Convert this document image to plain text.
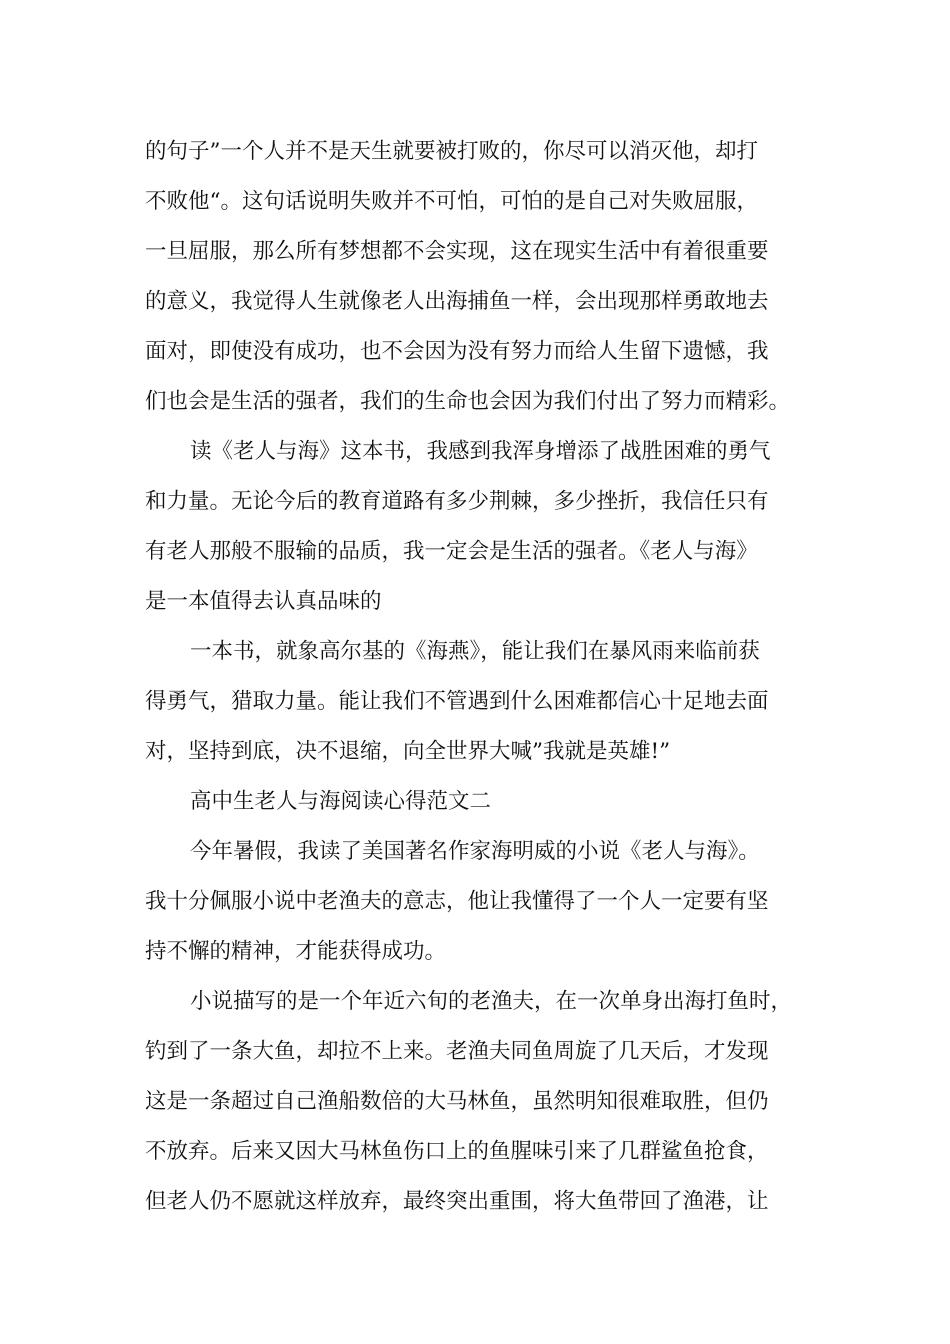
的句子”一个人并不是天生就要被打败的，你尽可以消灭他，却打

不败他“。这句话说明失败并不可怕，可怕的是自己对失败屈服，

一旦屈服，那么所有梦想都不会实现，这在现实生活中有着很重要

的意义，我觉得人生就像老人出海捕鱼一样，会出现那样勇敢地去

面对，即使没有成功，也不会因为没有努力而给人生留下遗憾，我

们也会是生活的强者，我们的生命也会因为我们付出了努力而精彩。

读《老人与海》这本书，我感到我浑身增添了战胜困难的勇气

和力量。无论今后的教育道路有多少荆棘，多少挫折，我信任只有

有老人那般不服输的品质，我一定会是生活的强者。《老人与海》

是一本值得去认真品味的

一本书，就象高尔基的《海燕》，能让我们在暴风雨来临前获

得勇气，猎取力量。能让我们不管遇到什么困难都信心十足地去面

对，坚持到底，决不退缩，向全世界大喊”我就是英雄!”

高中生老人与海阅读心得范文二

今年暑假，我读了美国著名作家海明威的小说《老人与海》。

我十分佩服小说中老渔夫的意志，他让我懂得了一个人一定要有坚

持不懈的精神，才能获得成功。

小说描写的是一个年近六旬的老渔夫，在一次单身出海打鱼时，

钓到了一条大鱼，却拉不上来。老渔夫同鱼周旋了几天后，才发现

这是一条超过自己渔船数倍的大马林鱼，虽然明知很难取胜，但仍

不放弃。后来又因大马林鱼伤口上的鱼腥味引来了几群鲨鱼抢食，

但老人仍不愿就这样放弃，最终突出重围，将大鱼带回了渔港，让
